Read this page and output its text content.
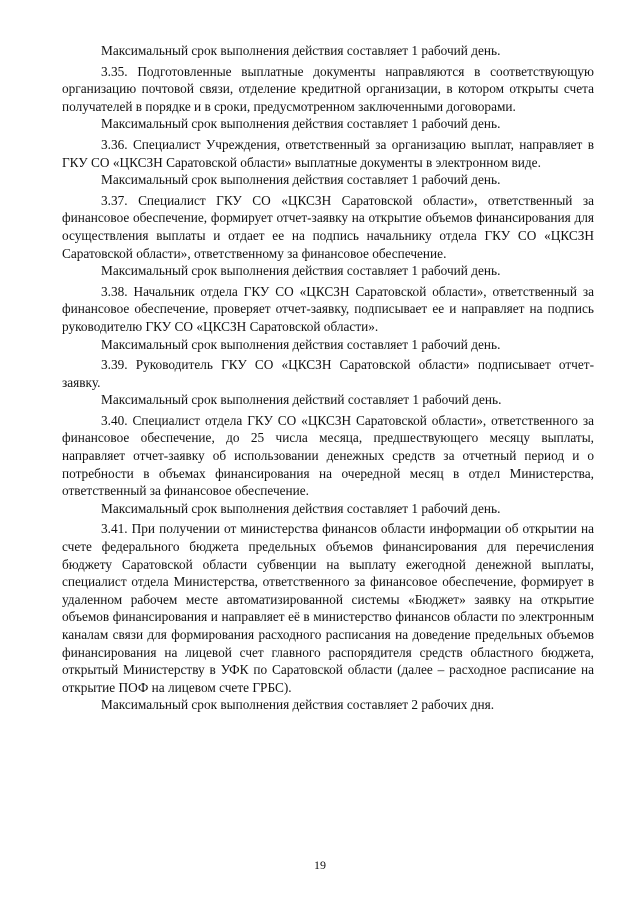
Максимальный срок выполнения действия составляет 1 рабочий день.

3.35. Подготовленные выплатные документы направляются в соответствующую организацию почтовой связи, отделение кредитной организации, в котором открыты счета получателей в порядке и в сроки, предусмотренном заключенными договорами.

Максимальный срок выполнения действия составляет 1 рабочий день.

3.36. Специалист Учреждения, ответственный за организацию выплат, направляет в ГКУ СО «ЦКСЗН Саратовской области» выплатные документы в электронном виде.

Максимальный срок выполнения действия составляет 1 рабочий день.

3.37. Специалист ГКУ СО «ЦКСЗН Саратовской области», ответственный за финансовое обеспечение, формирует отчет-заявку на открытие объемов финансирования для осуществления выплаты и отдает ее на подпись начальнику отдела ГКУ СО «ЦКСЗН Саратовской области», ответственному за финансовое обеспечение.

Максимальный срок выполнения действия составляет 1 рабочий день.

3.38. Начальник отдела ГКУ СО «ЦКСЗН Саратовской области», ответственный за финансовое обеспечение, проверяет отчет-заявку, подписывает ее и направляет на подпись руководителю ГКУ СО «ЦКСЗН Саратовской области».

Максимальный срок выполнения действия составляет 1 рабочий день.

3.39. Руководитель ГКУ СО «ЦКСЗН Саратовской области» подписывает отчет-заявку.

Максимальный срок выполнения действий составляет 1 рабочий день.

3.40. Специалист отдела ГКУ СО «ЦКСЗН Саратовской области», ответственного за финансовое обеспечение, до 25 числа месяца, предшествующего месяцу выплаты, направляет отчет-заявку об использовании денежных средств за отчетный период и о потребности в объемах финансирования на очередной месяц в отдел Министерства, ответственный за финансовое обеспечение.

Максимальный срок выполнения действия составляет 1 рабочий день.

3.41. При получении от министерства финансов области информации об открытии на счете федерального бюджета предельных объемов финансирования для перечисления бюджету Саратовской области субвенции на выплату ежегодной денежной выплаты, специалист отдела Министерства, ответственного за финансовое обеспечение, формирует в удаленном рабочем месте автоматизированной системы «Бюджет» заявку на открытие объемов финансирования и направляет её в министерство финансов области по электронным каналам связи для формирования расходного расписания на доведение предельных объемов финансирования на лицевой счет главного распорядителя средств областного бюджета, открытый Министерству в УФК по Саратовской области (далее – расходное расписание на открытие ПОФ на лицевом счете ГРБС).

Максимальный срок выполнения действия составляет 2 рабочих дня.

19
